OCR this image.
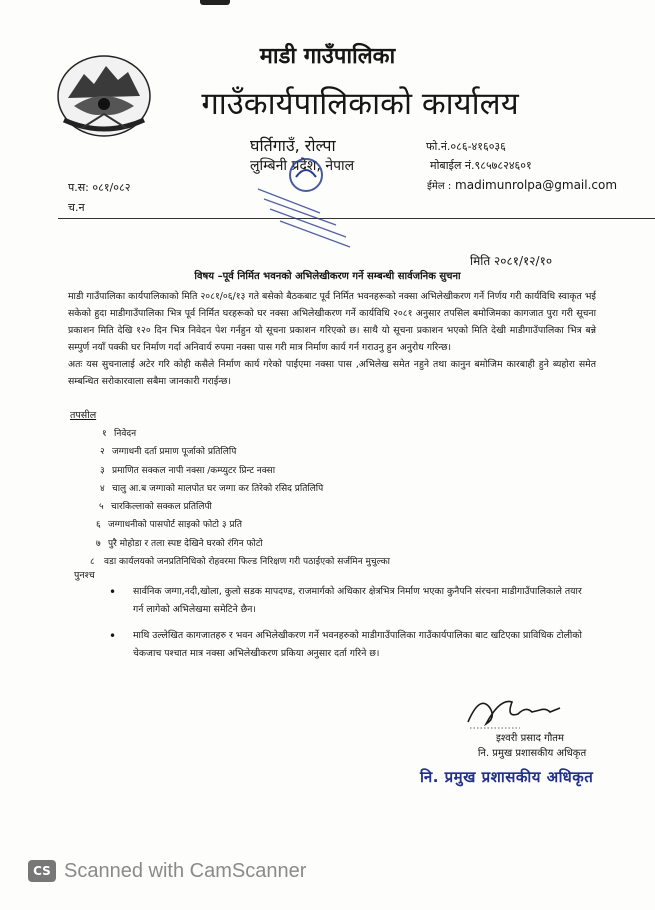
माडी गाउँपालिका
गाउँकार्यपालिकाको कार्यालय
घर्तिगाउँ, रोल्पा
लुम्बिनी प्रदेश, नेपाल
फो.नं.०८६-४१६०३६
मोबाईल नं.९८५७८२४६०१
ईमेल : madimunrolpa@gmail.com
प.स: ०८१/०८२
च.न
मिति २०८१/१२/१०
विषय –पूर्व निर्मित भवनको अभिलेखीकरण गर्ने सम्बन्धी सार्वजनिक सुचना

माडी गाउँपालिका कार्यपालिकाको मिति २०८१/०६/१३ गते बसेको बैठकबाट पूर्व निर्मित भवनहरूको नक्सा अभिलेखीकरण गर्ने निर्णय गरी कार्यविधि स्वाकृत भई सकेको हुदा माडीगाउँपालिका भित्र पूर्व निर्मित घरहरूको घर नक्सा अभिलेखीकरण गर्ने कार्यविधि २०८१ अनुसार तपसिल बमोजिमका कागजात पुरा गरी सूचना प्रकाशन मिति देखि १२० दिन भित्र निवेदन पेश गर्नहुन यो सूचना प्रकाशन गरिएको छ। साथै यो सूचना प्रकाशन भएको मिति देखी माडीगाउँपालिका भित्र बन्ने सम्पुर्ण नयाँ पक्की घर निर्माण गर्दा अनिवार्य रुपमा नक्सा पास गरी मात्र निर्माण कार्य गर्न गराउनु हुन अनुरोध गरिन्छ।

अतः यस सुचनालाई अटेर गरि कोही कसैले निर्माण कार्य गरेको पाईएमा नक्सा पास ,अभिलेख समेत नहुने तथा कानुन बमोजिम कारबाही हुने ब्यहोरा समेत सम्बन्धित सरोकारवाला सबैमा जानकारी गराईन्छ।

तपसील
१ निवेदन
२ जग्गाधनी दर्ता प्रमाण पूर्जाको प्रतिलिपि
३ प्रमाणित सक्कल नापी नक्सा /कम्प्युटर प्रिन्ट नक्सा
४ चालु आ.ब जग्गाको मालपोत घर जग्गा कर तिरेको रसिद प्रतिलिपि
५ चारकिल्लाको सक्कल प्रतिलिपी
६ जग्गाधनीको पासपोर्ट साइको फोटो ३ प्रति
७ पुरै मोहोडा र तला स्पष्ट देखिने घरको रंगिन फोटो
८ वडा कार्यलयको जनप्रतिनिधिको रोहवरमा फिल्ड निरिक्षण गरी पठाईएको सर्जमिन मुचुल्का
पुनश्च
• सार्वनिक जग्गा,नदी,खोला, कुलो सडक मापदण्ड, राजमार्गको अधिकार क्षेत्रभित्र निर्माण भएका कुनैपनि संरचना माडीगाउँपालिकाले तयार गर्न लागेको अभिलेखमा समेटिने छैन।
• माथि उल्लेखित कागजातहरु र भवन अभिलेखीकरण गर्ने भवनहरुको माडीगाउँपालिका गाउँकार्यपालिका बाट खटिएका प्राविधिक टोलीको चेकजाच पश्चात मात्र नक्सा अभिलेखीकरण प्रकिया अनुसार दर्ता गरिने छ।
इश्वरी प्रसाद गौतम
नि. प्रमुख प्रशासकीय अधिकृत
नि. प्रमुख प्रशासकीय अधिकृत
CS Scanned with CamScanner
